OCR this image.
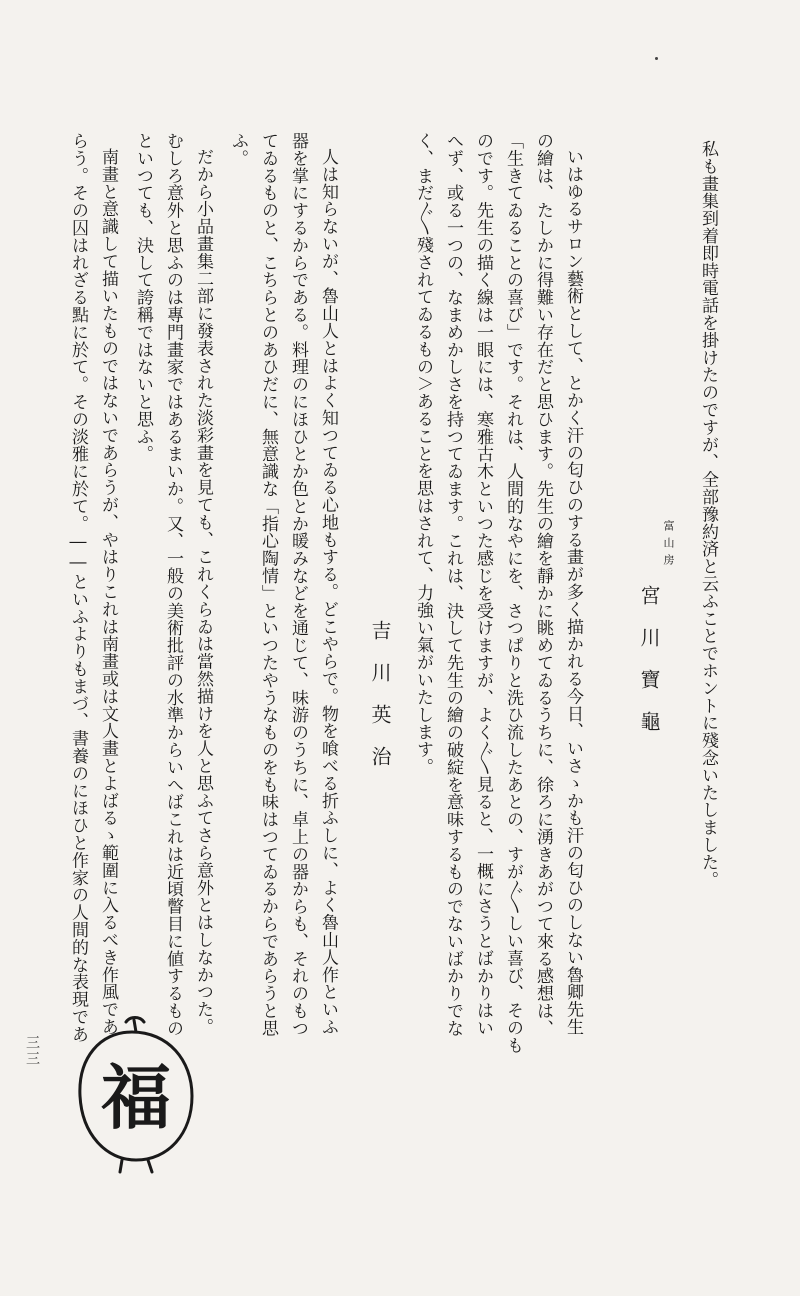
私も畫集到着即時電話を掛けたのですが、全部豫約済と云ふことでホントに殘念いたしました。
富山房
宮川寶龜
いはゆるサロン藝術として、とかく汗の匂ひのする畫が多く描かれる今日、いさゝかも汗の匂ひのしない魯卿先生
の繪は、たしかに得難い存在だと思ひます。先生の繪を靜かに眺めてゐるうちに、徐ろに湧きあがつて來る感想は、
「生きてゐることの喜び」です。それは、人間的なやにを、さつぱりと洗ひ流したあとの、すが〲しい喜び、そのも
のです。先生の描く線は一眼には、寒雅古木といつた感じを受けますが、よく〲見ると、一概にさうとばかりはい
へず、或る一つの、なまめかしさを持つてゐます。これは、決して先生の繪の破綻を意味するものでないばかりでな
く、まだ〲殘されてゐるもの＞あることを思はされて、力強い氣がいたします。
吉川英治
人は知らないが、魯山人とはよく知つてゐる心地もする。どこやらで。物を喰べる折ふしに、よく魯山人作といふ
器を掌にするからである。料理のにほひとか色とか暖みなどを通じて、味游のうちに、卓上の器からも、それのもつ
てゐるものと、こちらとのあひだに、無意識な「指心陶情」といつたやうなものをも味はつてゐるからであらうと思
ふ。
だから小品畫集二部に發表された淡彩畫を見ても、これくらゐは當然描けを人と思ふてさら意外とはしなかつた。
むしろ意外と思ふのは專門畫家ではあるまいか。又、一般の美術批評の水準からいへばこれは近頃瞥目に値するもの
といつても、決して誇稱ではないと思ふ。
南畫と意識して描いたものではないであらうが、やはりこれは南畫或は文人畫とよばるゝ範圍に入るべき作風であ
らう。その囚はれざる點に於て。その淡雅に於て。――といふよりもまづ、書養のにほひと作家の人間的な表現であ
三三
福
